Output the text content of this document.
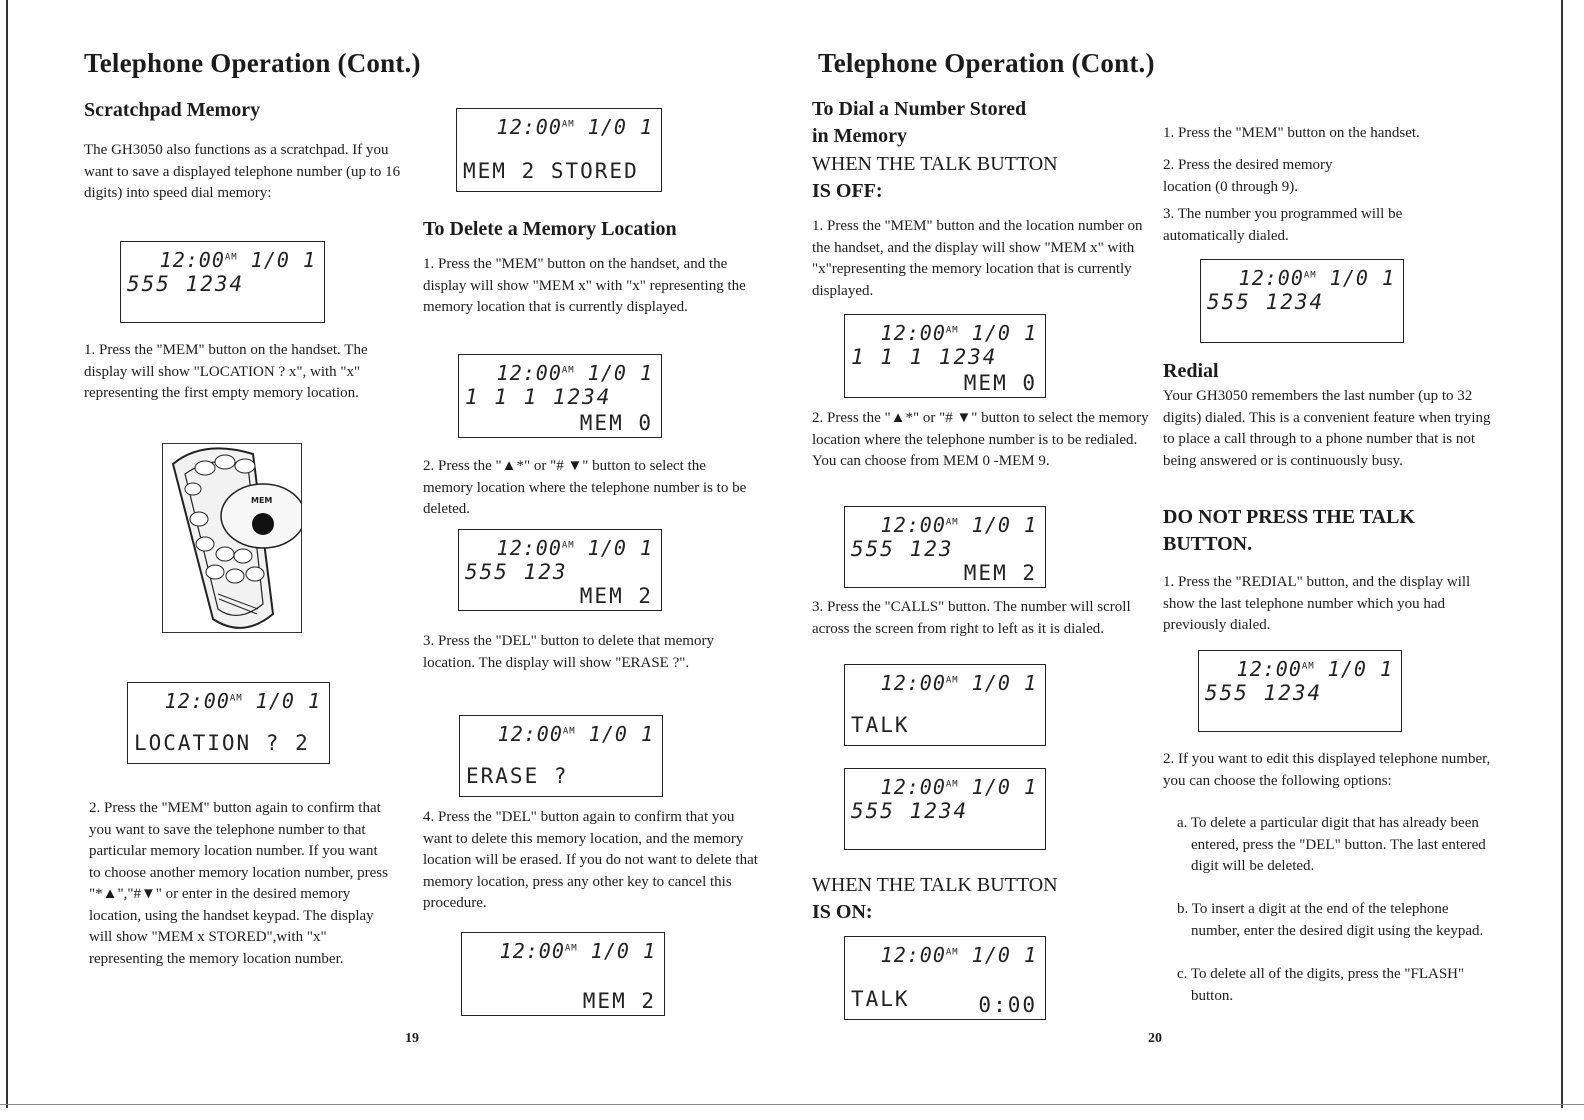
Telephone Operation (Cont.)
Scratchpad Memory
The GH3050 also functions as a scratchpad. If you want to save a displayed telephone number (up to 16 digits) into speed dial memory:
$12:00^{AM}$ 1/0 1
555 1234
1. Press the "MEM" button on the handset. The display will show "LOCATION ? x", with "x" representing the first empty memory location.
MEM
$12:00^{AM}$ 1/0 1
LOCATION ? 2
2. Press the "MEM" button again to confirm that you want to save the telephone number to that particular memory location number. If you want to choose another memory location number, press "*▲","#▼" or enter in the desired memory location, using the handset keypad. The display will show "MEM x STORED",with "x" representing the memory location number.
$12:00^{AM}$ 1/0 1
MEM 2 STORED
To Delete a Memory Location
1. Press the "MEM" button on the handset, and the display will show "MEM x" with "x" representing the memory location that is currently displayed.
$12:00^{AM}$ 1/0 1
1 1 1 1234
MEM 0
2. Press the "▲*" or "# ▼" button to select the memory location where the telephone number is to be deleted.
$12:00^{AM}$ 1/0 1
555 123
MEM 2
3. Press the "DEL" button to delete that memory location. The display will show "ERASE ?".
$12:00^{AM}$ 1/0 1
ERASE ?
4. Press the "DEL" button again to confirm that you want to delete this memory location, and the memory location will be erased. If you do not want to delete that memory location, press any other key to cancel this procedure.
$12:00^{AM}$ 1/0 1
MEM 2
19
Telephone Operation (Cont.)
To Dial a Number Stored
in Memory
WHEN THE TALK BUTTON
IS OFF:
1. Press the "MEM" button and the location number on the handset, and the display will show "MEM x" with "x"representing the memory location that is currently displayed.
$12:00^{AM}$ 1/0 1
1 1 1 1234
MEM 0
2. Press the "▲*" or "# ▼" button to select the memory location where the telephone number is to be redialed. You can choose from MEM 0 -MEM 9.
$12:00^{AM}$ 1/0 1
555 123
MEM 2
3. Press the "CALLS" button. The number will scroll across the screen from right to left as it is dialed.
$12:00^{AM}$ 1/0 1
TALK
$12:00^{AM}$ 1/0 1
555 1234
WHEN THE TALK BUTTON
IS ON:
$12:00^{AM}$ 1/0 1
TALK	0:00
1. Press the "MEM" button on the handset.
2. Press the desired memory location (0 through 9).
3. The number you programmed will be automatically dialed.
$12:00^{AM}$ 1/0 1
555 1234
Redial
Your GH3050 remembers the last number (up to 32 digits) dialed. This is a convenient feature when trying to place a call through to a phone number that is not being answered or is continuously busy.
DO NOT PRESS THE TALK
BUTTON.
1. Press the "REDIAL" button, and the display will show the last telephone number which you had previously dialed.
$12:00^{AM}$ 1/0 1
555 1234
2. If you want to edit this displayed telephone number, you can choose the following options:
a. To delete a particular digit that has already been entered, press the "DEL" button. The last entered digit will be deleted.
b. To insert a digit at the end of the telephone number, enter the desired digit using the keypad.
c. To delete all of the digits, press the "FLASH" button.
20
